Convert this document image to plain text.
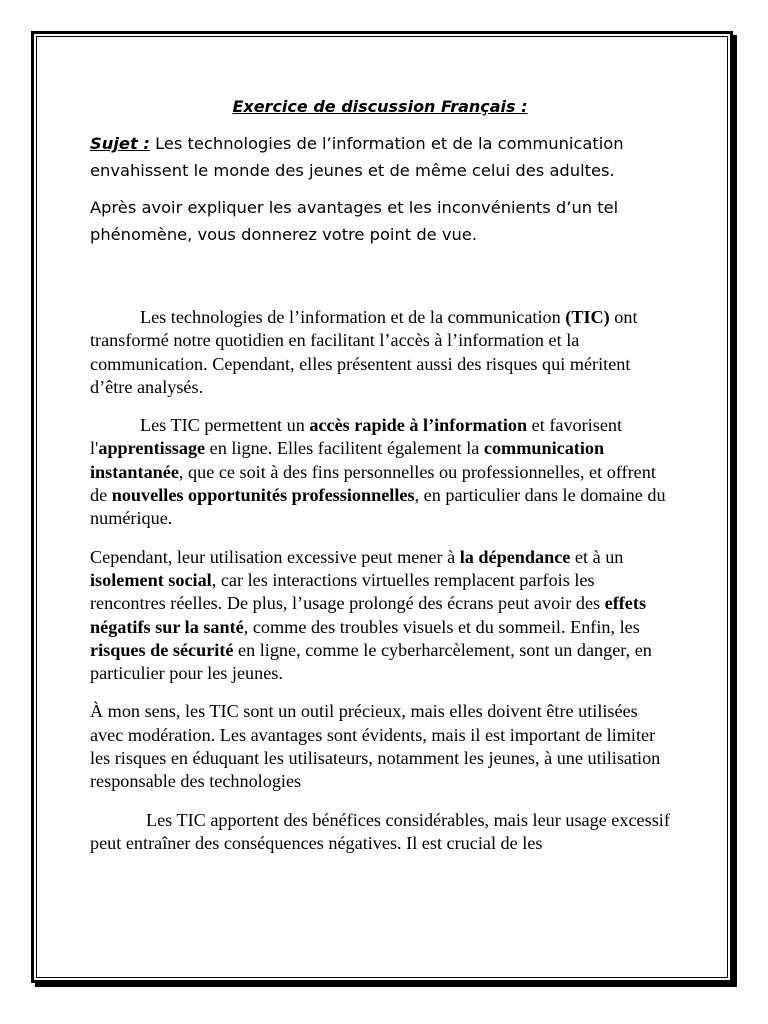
Exercice de discussion Français :

Sujet : Les technologies de l’information et de la communication envahissent le monde des jeunes et de même celui des adultes.

Après avoir expliquer les avantages et les inconvénients d’un tel phénomène, vous donnerez votre point de vue.

Les technologies de l’information et de la communication (TIC) ont transformé notre quotidien en facilitant l’accès à l’information et la communication. Cependant, elles présentent aussi des risques qui méritent d’être analysés.

Les TIC permettent un accès rapide à l’information et favorisent l'apprentissage en ligne. Elles facilitent également la communication instantanée, que ce soit à des fins personnelles ou professionnelles, et offrent de nouvelles opportunités professionnelles, en particulier dans le domaine du numérique.

Cependant, leur utilisation excessive peut mener à la dépendance et à un isolement social, car les interactions virtuelles remplacent parfois les rencontres réelles. De plus, l’usage prolongé des écrans peut avoir des effets négatifs sur la santé, comme des troubles visuels et du sommeil. Enfin, les risques de sécurité en ligne, comme le cyberharcèlement, sont un danger, en particulier pour les jeunes.

À mon sens, les TIC sont un outil précieux, mais elles doivent être utilisées avec modération. Les avantages sont évidents, mais il est important de limiter les risques en éduquant les utilisateurs, notamment les jeunes, à une utilisation responsable des technologies

Les TIC apportent des bénéfices considérables, mais leur usage excessif peut entraîner des conséquences négatives. Il est crucial de les
